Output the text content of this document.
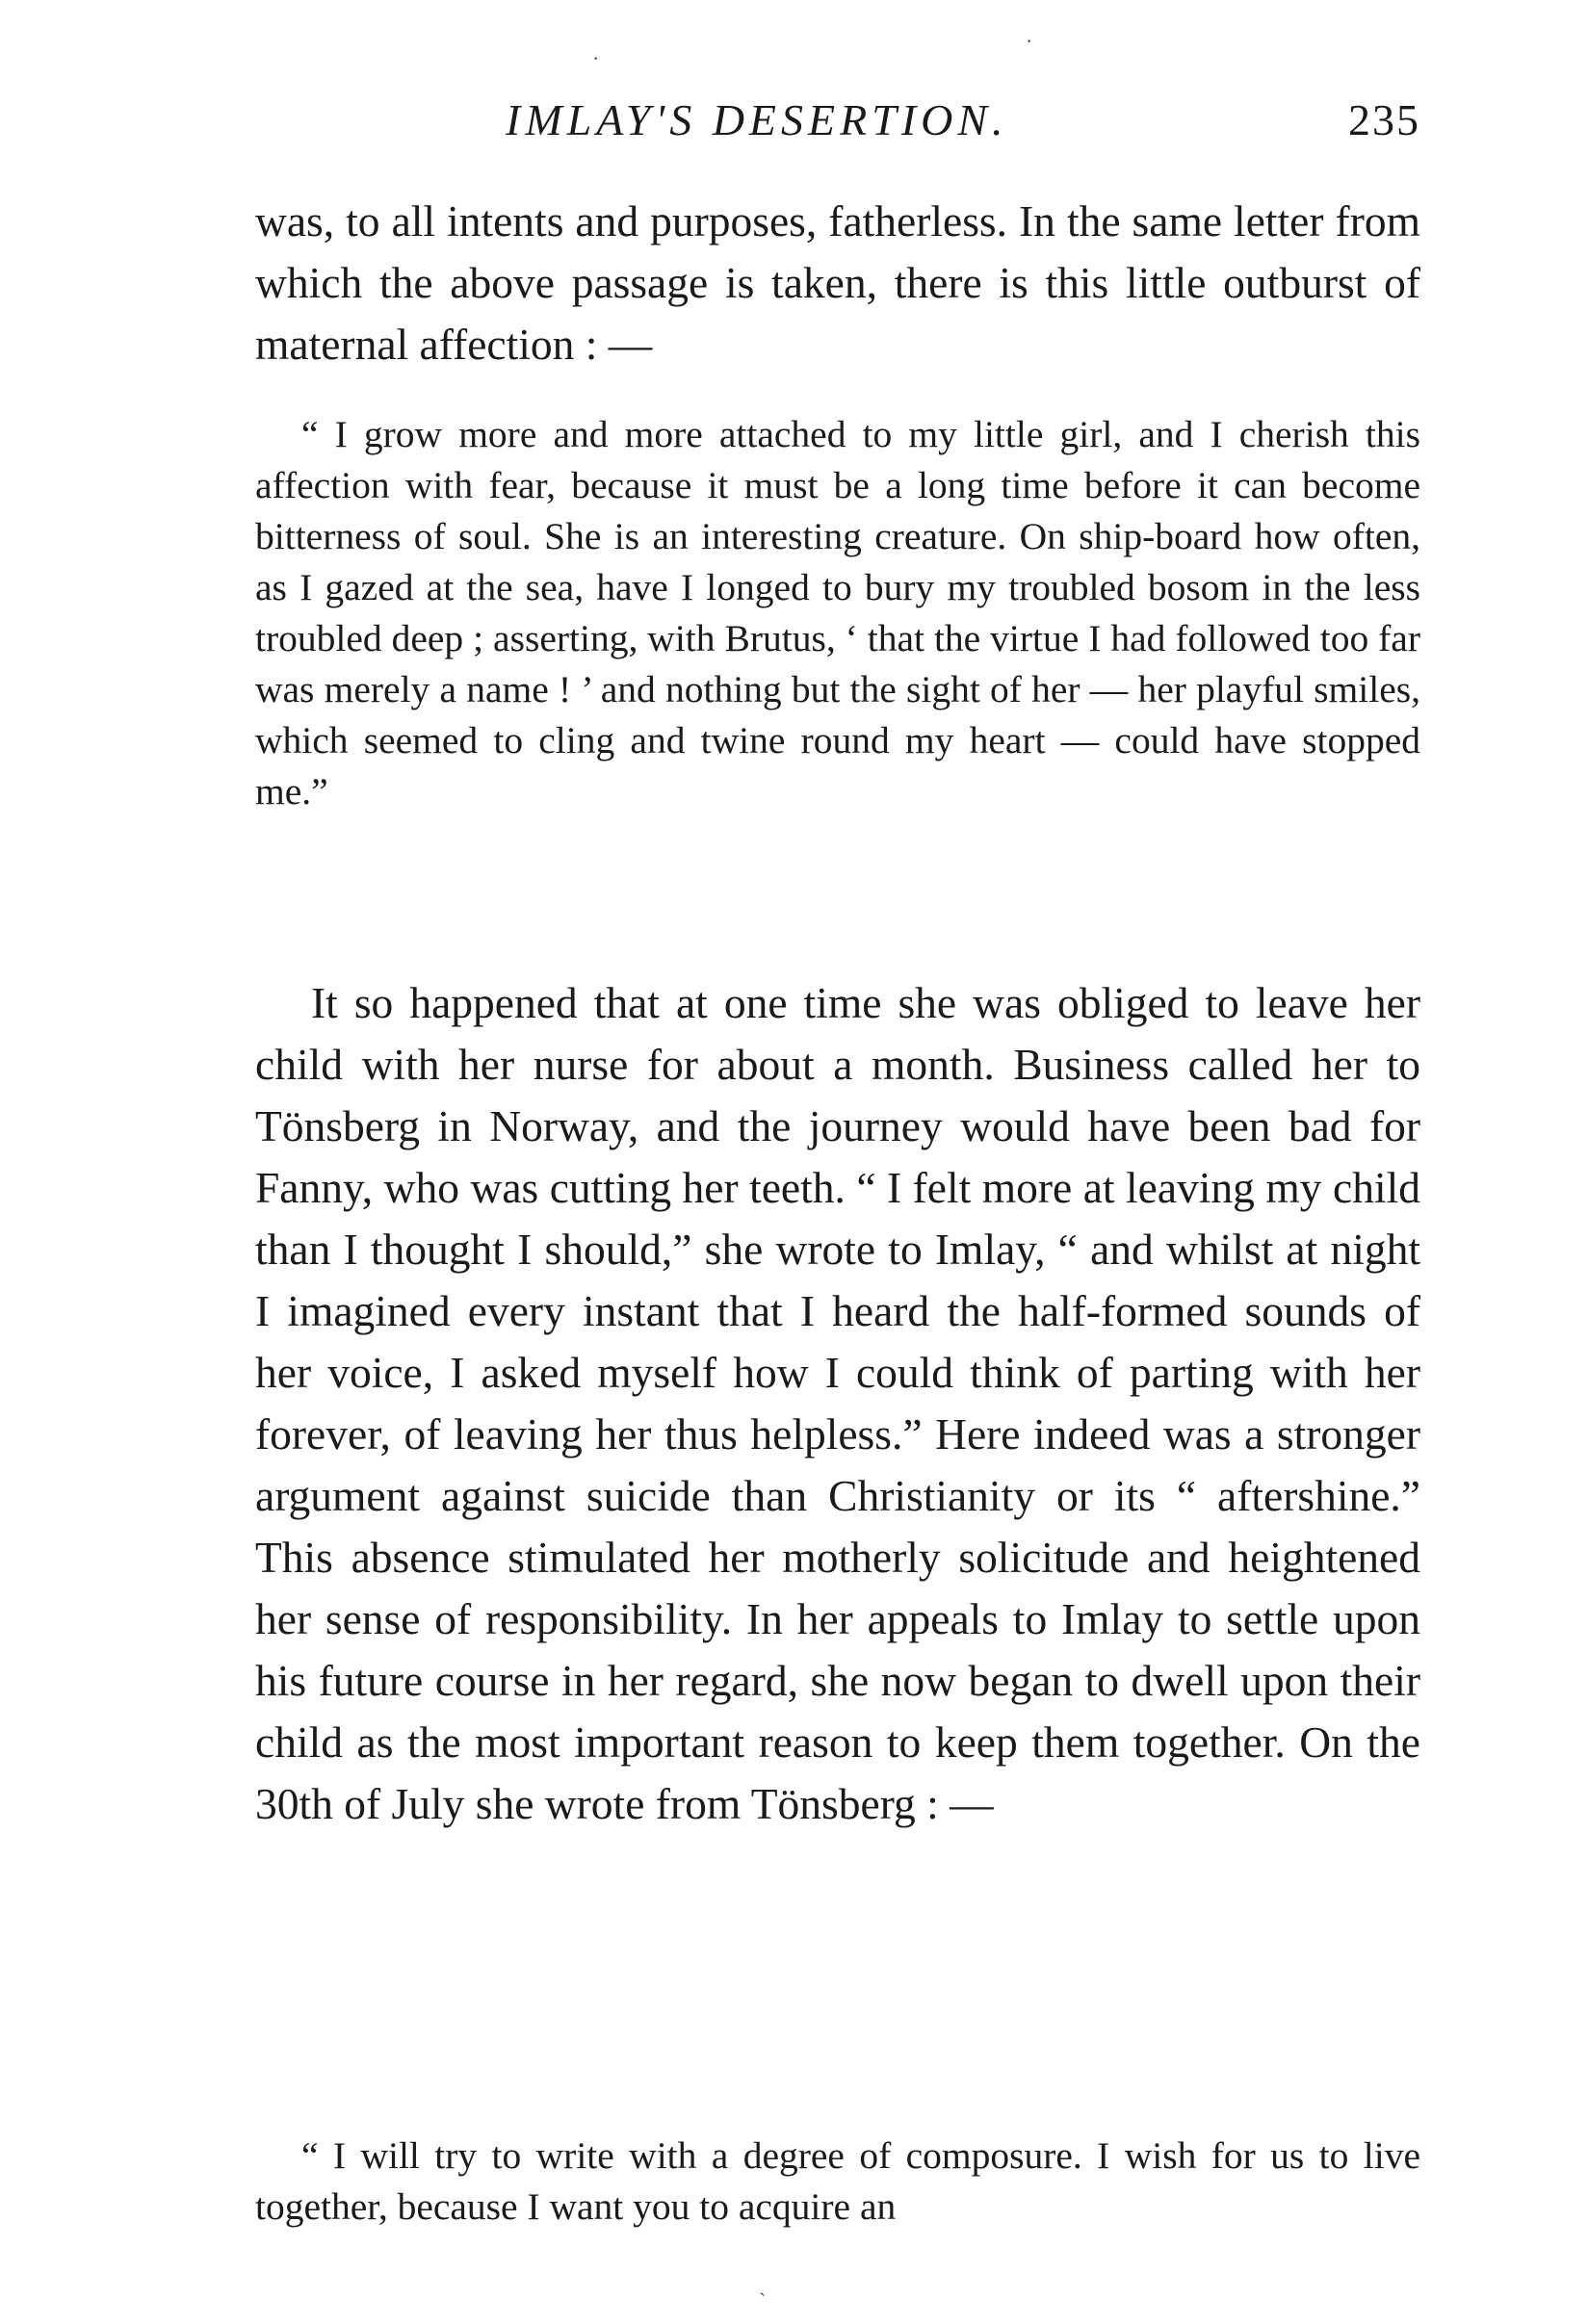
·
·
IMLAY'S DESERTION.	235

was, to all intents and purposes, fatherless. In the same letter from which the above passage is taken, there is this little outburst of maternal affection : —

“ I grow more and more attached to my little girl, and I cherish this affection with fear, because it must be a long time before it can become bitterness of soul. She is an interesting creature. On ship-board how often, as I gazed at the sea, have I longed to bury my troubled bosom in the less troubled deep ; asserting, with Brutus, ‘ that the virtue I had followed too far was merely a name ! ’ and nothing but the sight of her — her playful smiles, which seemed to cling and twine round my heart — could have stopped me.”

It so happened that at one time she was obliged to leave her child with her nurse for about a month. Business called her to Tönsberg in Norway, and the journey would have been bad for Fanny, who was cutting her teeth. “ I felt more at leaving my child than I thought I should,” she wrote to Imlay, “ and whilst at night I imagined every instant that I heard the half-formed sounds of her voice, I asked myself how I could think of parting with her forever, of leaving her thus helpless.” Here indeed was a stronger argument against suicide than Christianity or its “ aftershine.” This absence stimulated her motherly solicitude and heightened her sense of responsibility. In her appeals to Imlay to settle upon his future course in her regard, she now began to dwell upon their child as the most important reason to keep them together. On the 30th of July she wrote from Tönsberg : —

“ I will try to write with a degree of composure. I wish for us to live together, because I want you to acquire an

ˎ
